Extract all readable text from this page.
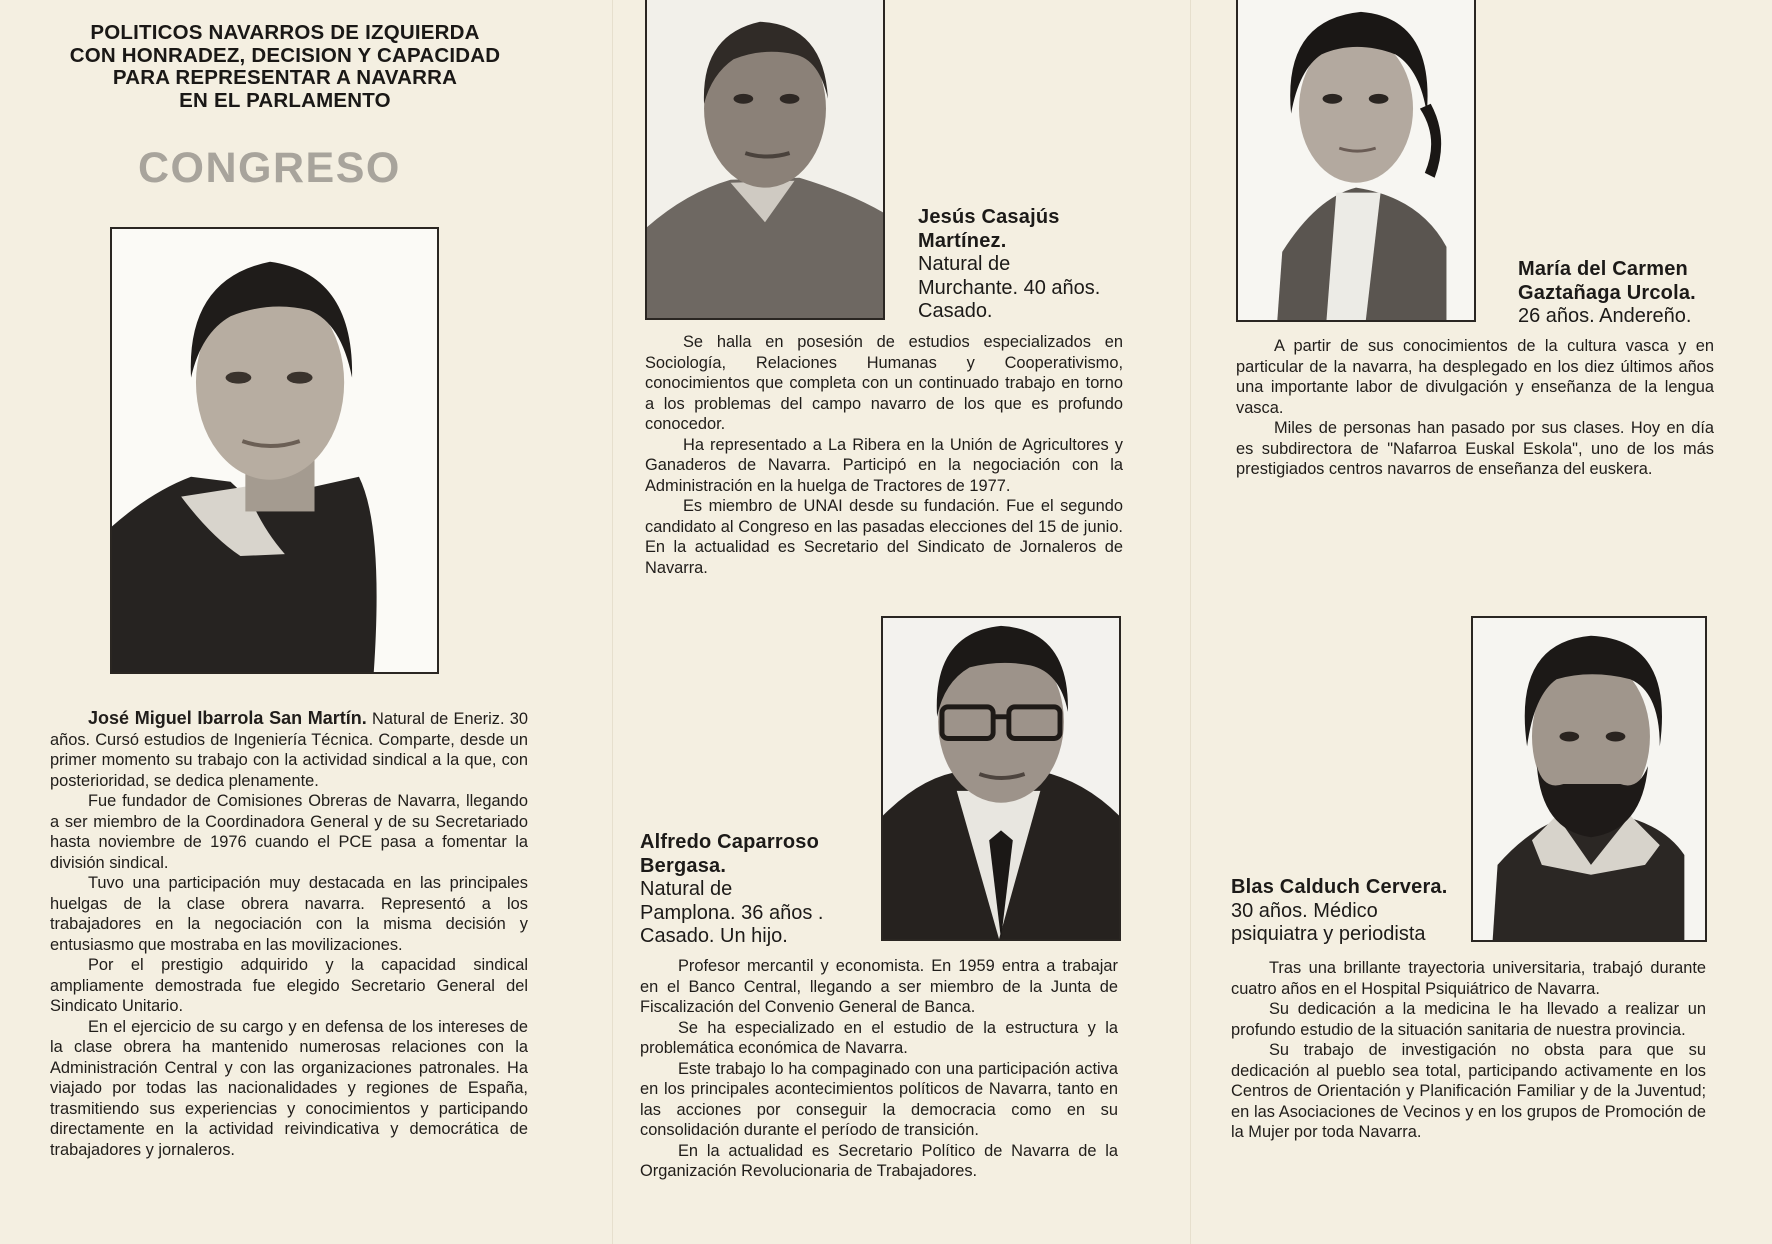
POLITICOS NAVARROS DE IZQUIERDA
CON HONRADEZ, DECISION Y CAPACIDAD
PARA REPRESENTAR A NAVARRA
EN EL PARLAMENTO
CONGRESO

José Miguel Ibarrola San Martín. Natural de Eneriz. 30 años. Cursó estudios de Ingeniería Técnica. Comparte, desde un primer momento su trabajo con la actividad sindical a la que, con posterioridad, se dedica plenamente.

Fue fundador de Comisiones Obreras de Navarra, llegando a ser miembro de la Coordinadora General y de su Secretariado hasta noviembre de 1976 cuando el PCE pasa a fomentar la división sindical.

Tuvo una participación muy destacada en las principales huelgas de la clase obrera navarra. Representó a los trabajadores en la negociación con la misma decisión y entusiasmo que mostraba en las movilizaciones.

Por el prestigio adquirido y la capacidad sindical ampliamente demostrada fue elegido Secretario General del Sindicato Unitario.

En el ejercicio de su cargo y en defensa de los intereses de la clase obrera ha mantenido numerosas relaciones con la Administración Central y con las organizaciones patronales. Ha viajado por todas las nacionalidades y regiones de España, trasmitiendo sus experiencias y conocimientos y participando directamente en la actividad reivindicativa y democrática de trabajadores y jornaleros.

Jesús Casajús
Martínez.
Natural de
Murchante. 40 años.
Casado.

Se halla en posesión de estudios especializados en Sociología, Relaciones Humanas y Cooperativismo, conocimientos que completa con un continuado trabajo en torno a los problemas del campo navarro de los que es profundo conocedor.

Ha representado a La Ribera en la Unión de Agricultores y Ganaderos de Navarra. Participó en la negociación con la Administración en la huelga de Tractores de 1977.

Es miembro de UNAI desde su fundación. Fue el segundo candidato al Congreso en las pasadas elecciones del 15 de junio. En la actualidad es Secretario del Sindicato de Jornaleros de Navarra.

María del Carmen
Gaztañaga Urcola.
26 años. Andereño.

A partir de sus conocimientos de la cultura vasca y en particular de la navarra, ha desplegado en los diez últimos años una importante labor de divulgación y enseñanza de la lengua vasca.

Miles de personas han pasado por sus clases. Hoy en día es subdirectora de "Nafarroa Euskal Eskola", uno de los más prestigiados centros navarros de enseñanza del euskera.

Alfredo Caparroso
Bergasa.
Natural de
Pamplona. 36 años .
Casado. Un hijo.

Profesor mercantil y economista. En 1959 entra a trabajar en el Banco Central, llegando a ser miembro de la Junta de Fiscalización del Convenio General de Banca.

Se ha especializado en el estudio de la estructura y la problemática económica de Navarra.

Este trabajo lo ha compaginado con una participación activa en los principales acontecimientos políticos de Navarra, tanto en las acciones por conseguir la democracia como en su consolidación durante el período de transición.

En la actualidad es Secretario Político de Navarra de la Organización Revolucionaria de Trabajadores.

Blas Calduch Cervera.
30 años. Médico
psiquiatra y periodista

Tras una brillante trayectoria universitaria, trabajó durante cuatro años en el Hospital Psiquiátrico de Navarra.

Su dedicación a la medicina le ha llevado a realizar un profundo estudio de la situación sanitaria de nuestra provincia.

Su trabajo de investigación no obsta para que su dedicación al pueblo sea total, participando activamente en los Centros de Orientación y Planificación Familiar y de la Juventud; en las Asociaciones de Vecinos y en los grupos de Promoción de la Mujer por toda Navarra.
